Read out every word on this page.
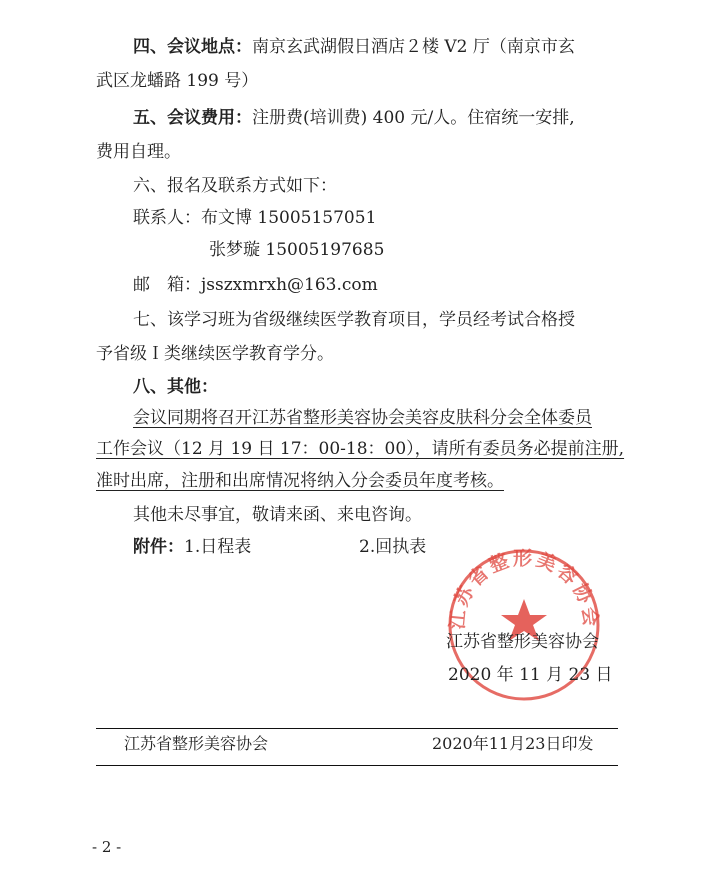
四、会议地点：南京玄武湖假日酒店２楼 V2 厅（南京市玄
武区龙蟠路 199 号）
五、会议费用：注册费(培训费) 400 元/人。住宿统一安排,
费用自理。
六、报名及联系方式如下：
联系人：布文博 15005157051
张梦璇 15005197685
邮　箱：jsszxmrxh@163.com
七、该学习班为省级继续医学教育项目，学员经考试合格授
予省级Ｉ类继续医学教育学分。
八、其他：
会议同期将召开江苏省整形美容协会美容皮肤科分会全体委员
工作会议（12 月 19 日 17：00-18：00），请所有委员务必提前注册,
准时出席，注册和出席情况将纳入分会委员年度考核。
其他未尽事宜，敬请来函、来电咨询。
附件：1.日程表	2.回执表
江苏省整形美容协会
江苏省整形美容协会
2020 年 11 月 23 日
江苏省整形美容协会	2020年11月23日印发
- 2 -
